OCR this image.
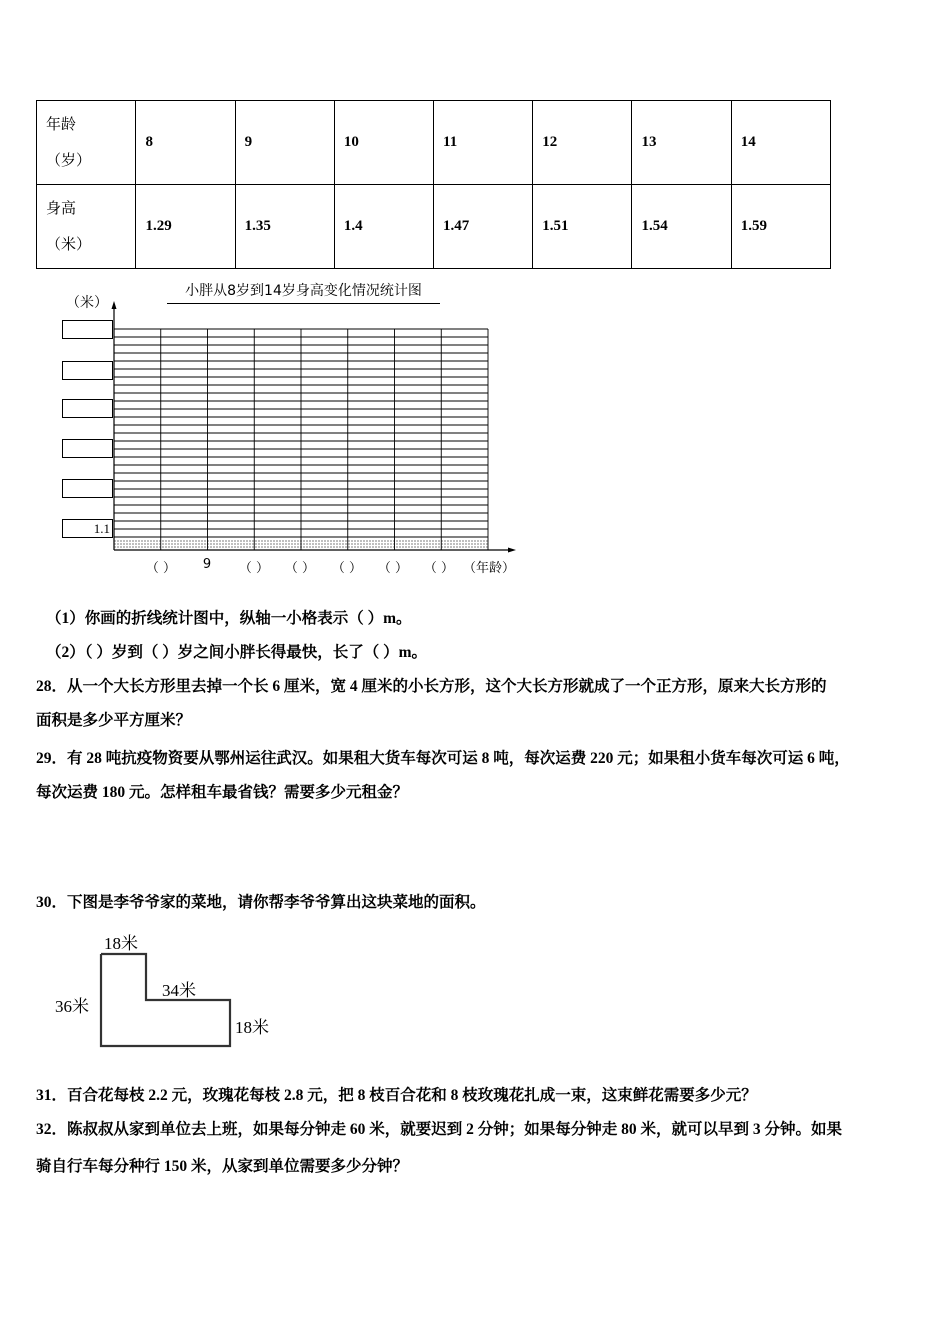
年龄
（岁）	8	9	10	11	12	13	14

身高
（米）	1.29	1.35	1.4	1.47	1.51	1.54	1.59
小胖从8岁到14岁身高变化情况统计图
（米）
1.1
（ ） 9 （ ） （ ） （ ） （ ） （ ） （年龄）
（1）你画的折线统计图中，纵轴一小格表示（ ）m。
（2）（ ）岁到（ ）岁之间小胖长得最快，长了（ ）m。
28．从一个大长方形里去掉一个长 6 厘米，宽 4 厘米的小长方形，这个大长方形就成了一个正方形，原来大长方形的
面积是多少平方厘米？
29．有 28 吨抗疫物资要从鄂州运往武汉。如果租大货车每次可运 8 吨，每次运费 220 元；如果租小货车每次可运 6 吨，
每次运费 180 元。怎样租车最省钱？需要多少元租金？
30．下图是李爷爷家的菜地，请你帮李爷爷算出这块菜地的面积。
18米
36米
34米
18米
31．百合花每枝 2.2 元，玫瑰花每枝 2.8 元，把 8 枝百合花和 8 枝玫瑰花扎成一束，这束鲜花需要多少元？
32．陈叔叔从家到单位去上班，如果每分钟走 60 米，就要迟到 2 分钟；如果每分钟走 80 米，就可以早到 3 分钟。如果
骑自行车每分种行 150 米，从家到单位需要多少分钟？
